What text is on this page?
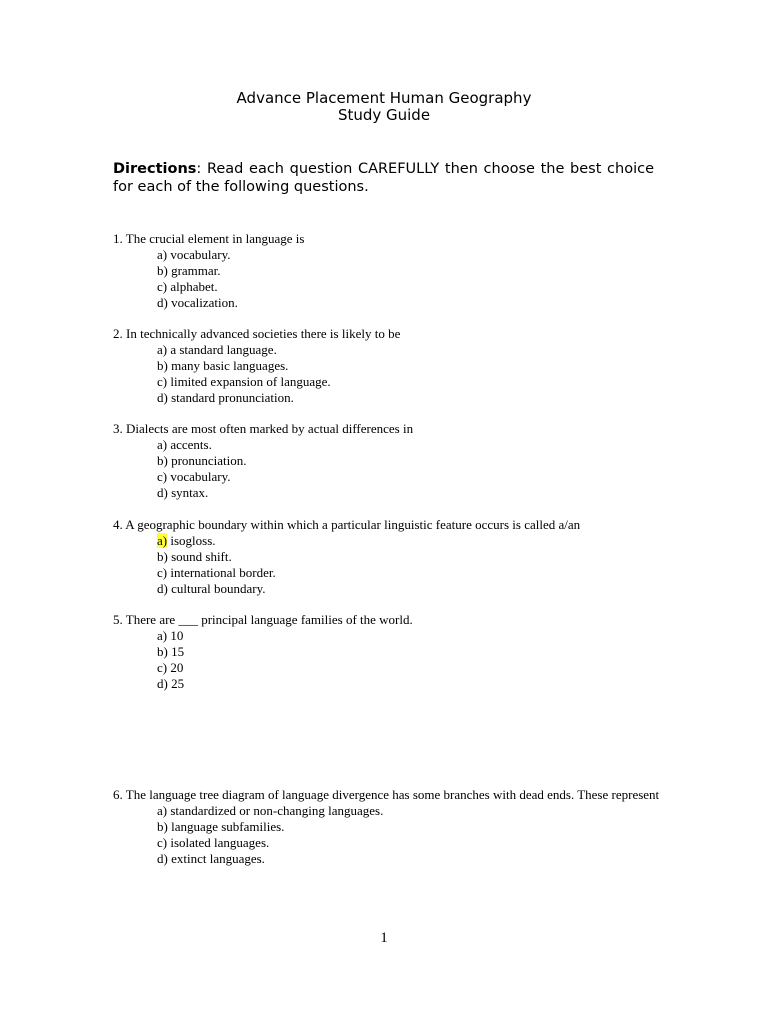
Advance Placement Human Geography
Study Guide
Directions: Read each question CAREFULLY then choose the best choice for each of the following questions.
1. The crucial element in language is
a) vocabulary.
b) grammar.
c) alphabet.
d) vocalization.
2. In technically advanced societies there is likely to be
a) a standard language.
b) many basic languages.
c) limited expansion of language.
d) standard pronunciation.
3. Dialects are most often marked by actual differences in
a) accents.
b) pronunciation.
c) vocabulary.
d) syntax.
4. A geographic boundary within which a particular linguistic feature occurs is called a/an
a) isogloss.
b) sound shift.
c) international border.
d) cultural boundary.
5. There are ___ principal language families of the world.
a) 10
b) 15
c) 20
d) 25
6. The language tree diagram of language divergence has some branches with dead ends. These represent
a) standardized or non-changing languages.
b) language subfamilies.
c) isolated languages.
d) extinct languages.
1
